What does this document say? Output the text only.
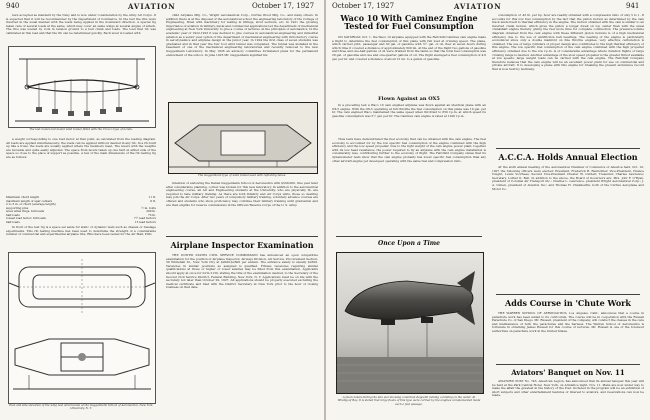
940	AVIATION	October 17, 1927

bers accepted as standard by the Navy and is now under consideration by the Army Air Corps. It is expected that it will be recommended by the Department of Commerce. In the test the ribs were inverted in the usual manner with the loads being applied in the downward direction. A special rig taken care of several loads at the same, which may cover an same wings at several angles of attack. The ribs was loaded by rods in tension ground to a bell crank and loads. The load that rib was calibrated at this load and that the rib can be determined quickly. Each lever is loaded with

The test model and model wind tunnel fitted with the Crocco type of bonds.

a weight corresponding to one load factor at that point, as calculated from the loading diagram. All loads are applied simultaneously; the loads can be applied without desired in any rib. In a rib built up like a truss, the loads are usually applied where the members meet. The levers with the weights are movable and quite easily adjusted. The space from levers taken up one half on either side of the space so close to the place of support as possible. A few of the main dimensions of the rib testing rig are as follows:

Maximum chord length	11 ft.
maximum length of spar centers	6 ft.
2 to 3 in. of chord (average length)
supporting pins	¼ in. bolts
lever arms rings, full loads	200 lb.
half loads	75 lb.
lowest load factor, full loads	7½ lead factors
half loads	15 lead factors

In front of the test rig is a space set aside for static or dynamic tests such as chassis or fuselage experiments. This rib testing machine has been used to determine the strength of a considerable number of commercial and experimental airplane ribs. Ribs have been tested for the Air Mail, Pitts

Plan and side elevation of the wing test wind tunnel at the Guggenheim School of Aeronautics, New York University, N. Y.

child Airplane Mfg. Co., Wright Aeronautical Corp., Curtiss Wood Mfg. Co., and many others. In addition there is at the disposal of the aeronautical school the engineering laboratory of the College of Engineering, fitted with machinery for testing in fittings, strut sections, etc. In 1921 the growing importance of aviation in military, naval and commercial applications led the department of mechanical engineering at New York University to give a course of lectures on the principles of aeronautics. In the academic year of 1922-1923 it was decided to give courses in aeronautical engineering and industrial aviation as a senior year option of the department of mechanical engineering with introductory course in aerodynamics and airplane design in the junior year. In 1924 the first class of seven students was graduated and in that year the four foot wind tunnel was completed. The tunnel was installed in the basement of one of the mechanical engineering laboratories and recently removed to the new Guggenheim Laboratory. In May 1926 an advisory committee formulated plans for the permanent endowment of the school. In June 1925 Mr. Guggenheim signified his

The Guggenheim type of wind tunnel used with reflecting tubes.

intention of endowing the Daniel Guggenheim School of Aeronautics with $500,000. One year later after considerable planning, corner was broken for this new laboratory. In addition to the aeronautical engineering course, all Air and Engineering students at the University, who are physically fit, are required to take military training. As there are both Infantry and Air Corps units, those so desiring may join the Air Corps. After two years of compulsory military training, voluntary advance courses are offered and students who show proficiency may continue their military training until graduation and are then eligible for reserve commissions in the Officers Reserve Corps of the U. S. Army.

Airplane Inspector Examination

THE UNITED STATES CIVIL SERVICE COMMISSION has announced an open competitive examination for the position of Airplane Inspector, Airways Division, Air Service, Procurement Section, 39 Whitehall St., New York City at $2000-$2600 per annum. The entrance salary is usually $2300. Vacancies in similar positions as assigned is qualified. Fitness vacancies requiring similar qualifications at those or higher or lower salaries may be filled from this examination. Applicants should apply at once for form 2130, stating the title of the examination desired, to the Secretary of the Second Civil Service District, Federal Building, New York, N. Y. Applications must be on file with the secretary not later than October 29, 1927. All applications should be properly executed excluding the medical certificate and filed with the District Secretary at New York prior to the hour of closing business on that date.

October 17, 1927	AVIATION	941
Waco 10 With Caminez Engine Tested for Fuel Consumption

ON SATURDAY, Oct. 1, the Waco 10 airplane equipped with the Fairchild Caminez cam engine made a flight to determine the fuel consumption of this plane with full load at cruising speed. The plane, which carried pilot, passenger and 30 gal. of gasoline with 3½ gal. of oil, flew at seven hours during which time it covered a distance of approximately 600 mi. At the end of the flight two gallons of gasoline and three and one-half gallons of oil were drained from the tanks so that the total fuel consumption was 28 gal. of gasoline and one and one-quarter gallons of oil. The flight averaged a fuel consumption of 4.8 gal. per hr. and covered a distance of about 21 mi. to a gallon of gasoline.

Flown Against an OX5

In a preceding test a Waco 10 cam engined airplane was flown against an identical plane with an OX-5 engine. With the OX-5 operating at full throttle the fuel consumption on this plane was 10 gal. per hr. The cam engined Waco maintained the same speed when throttled to 850 r.p.m. at which speed its gasoline consumption was 5½ gal. per hr. The Caminez cam engine is rated at 1200 r.p.m.

Thus tests have demonstrated the fuel economy that can be obtained with the cam engine. The fuel economy is accounted for by the low specific fuel consumption of the engine combined with the high efficiency and the low speed propeller. Due to the light weight of the cam engine power plant, together with its low head resistance, the power required to fly an airplane with the cam engine installation is considerably less, contributing further to the economy of flight. The Fairchild Company states that its dynamometer tests show that the cam engine probably has lower specific fuel consumption than any other aircraft engine yet developed operating with the same fuel and compression ratio.

Once Upon a Time
A photo taken during the late war showing a German Zeppelin making a landing on the water. At Windigoof Bay. It is stated that large floats of this type were carried by the engines complemented made such a fast passage.

consumption of .45 lb. per hp. hour are readily obtained with a compression ratio of only 5 to 1. It accounts for this low fuel consumption by the fact that the piston motion as determined by the cam track lends itself to thermal efficiency in the engine. The motion obtained with the cam is similar to an inverted crank motion, which gives the piston a longer dwell on top center than with the usual crankshaft engine thereby giving the fuel more time for complete combustion. The pressure-volume diagram obtained from the cam engine with these different piston motions is of a high mechanical efficiency due to the use of antifriction ball bearings. The bearing of the engine is particularly economical since only a double manifold on fine throttle engines, very effective carburetion is obtained. The use of large cylinders of proper design also contributes to the high thermal efficiency of this engine. The low specific fuel consumption of the cam engine combined with the high propeller efficiency obtained due to the low r.p.m. is of considerable advantage where duration flights or large cruising range is desired. Another advantage of the slow speed propeller is the greater thrust available at low speeds, large weight loads can be carried with the cam engine. The Fairchild Company therefore believes that the cam engine will be an excellent power plant for use on commercial and private aircraft. It is developing a plane with this engine for breaking the present endurance record that is now held by Germany.

A.C.C.A. Holds Annual Election

AT the sixth annual meeting of the Aeronautical Chamber of Commerce of America held, Oct. 10, 1927 the following officers were elected: President, Frederick B. Rentschler; Vice-President, Chance Vought, Lewis Voorhees; Second Vice-President Chester W. Cuthell; Treasurer, Charles Lawrence; Secretary, Luther K. Bell. In addition to the above, the Board of Governors are: Mrs. Johr F. O'Ryan, president of Colonial Air Transport Inc.; Charles L. Lawrence, president Wright Aeronautical Corp.; J. A. Cullen, president of Aviation Inc.; and Thomas H. Chamberlin, both of the Curtiss Aeroplane and Motor Co.

Adds Course in 'Chute Work

THE WARREN SCHOOL OF AERONAUTICS, Los Angeles, Calif., announces that a course in parachute work has been added to its curriculum. The course will be in cooperation with the Russell Parachute Co. of San Diego. Mr. Russell, president of the company, will conduct the classes in the care and maintenance of both the parachutes and the harness. The Warren School of Aeronautics is fortunate in obtaining James Russell for this course of lectures. Mr. Russell is one of the foremost authorities on parachute work in the United States.

Aviators' Banquet on Nov. 11

AVIATORS' POST No. 743, American Legion, has announced that its annual banquet this year will be held at the Park Central Hotel, New York, on Armistice night, Nov. 11. Plans are now under way to make the affair the greatest in the history of the Post. Included in the program will be an exhibition of short subjects and other entertainment features of interest to aviators, and reservations can now be made.
